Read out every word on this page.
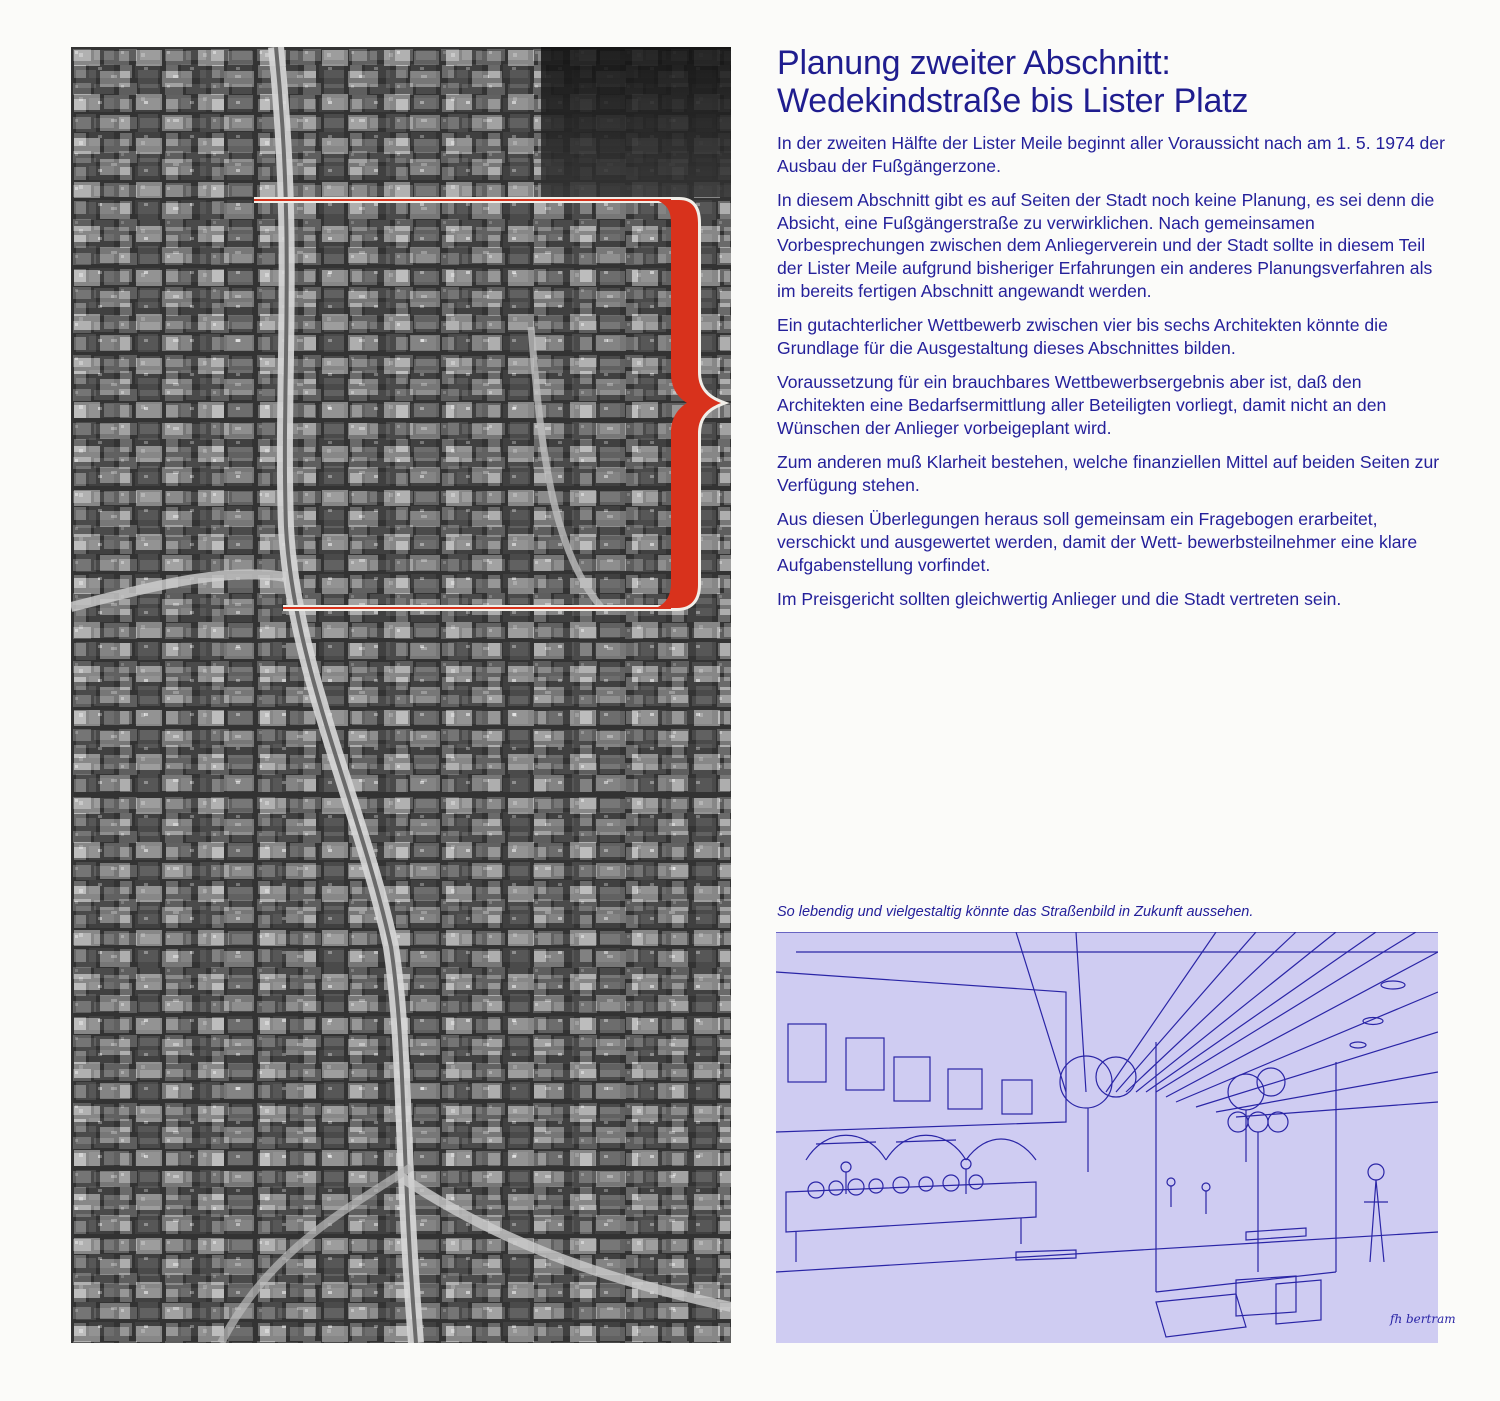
Planung zweiter Abschnitt:
Wedekindstraße bis Lister Platz

In der zweiten Hälfte der Lister Meile beginnt aller Voraussicht nach am 1. 5. 1974 der Ausbau der Fußgängerzone.

In diesem Abschnitt gibt es auf Seiten der Stadt noch keine Planung, es sei denn die Absicht, eine Fußgängerstraße zu verwirklichen. Nach gemeinsamen Vorbesprechungen zwischen dem Anliegerverein und der Stadt sollte in diesem Teil der Lister Meile aufgrund bisheriger Erfahrungen ein anderes Planungsverfahren als im bereits fertigen Abschnitt angewandt werden.

Ein gutachterlicher Wettbewerb zwischen vier bis sechs Architekten könnte die Grundlage für die Ausgestaltung dieses Abschnittes bilden.

Voraussetzung für ein brauchbares Wettbewerbsergebnis aber ist, daß den Architekten eine Bedarfsermittlung aller Beteiligten vorliegt, damit nicht an den Wünschen der Anlieger vorbeigeplant wird.

Zum anderen muß Klarheit bestehen, welche finanziellen Mittel auf beiden Seiten zur Verfügung stehen.

Aus diesen Überlegungen heraus soll gemeinsam ein Fragebogen erarbeitet, verschickt und ausgewertet werden, damit der Wett- bewerbsteilnehmer eine klare Aufgabenstellung vorfindet.

Im Preisgericht sollten gleichwertig Anlieger und die Stadt vertreten sein.

So lebendig und vielgestaltig könnte das Straßenbild in Zukunft aussehen.
fh bertram
